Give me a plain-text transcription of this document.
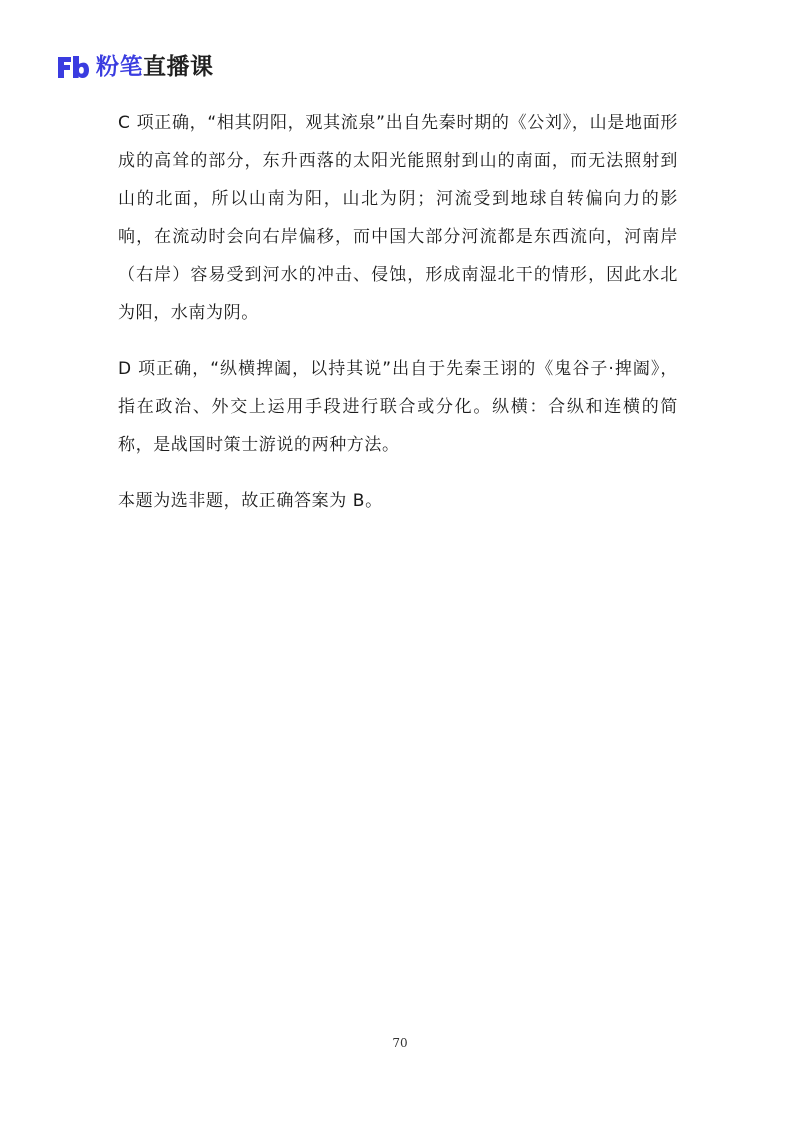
粉笔直播课

C 项正确，“相其阴阳，观其流泉”出自先秦时期的《公刘》，山是地面形成的高耸的部分，东升西落的太阳光能照射到山的南面，而无法照射到山的北面，所以山南为阳，山北为阴；河流受到地球自转偏向力的影响，在流动时会向右岸偏移，而中国大部分河流都是东西流向，河南岸（右岸）容易受到河水的冲击、侵蚀，形成南湿北干的情形，因此水北为阳，水南为阴。

D 项正确，“纵横捭阖，以持其说”出自于先秦王诩的《鬼谷子·捭阖》，指在政治、外交上运用手段进行联合或分化。纵横：合纵和连横的简称，是战国时策士游说的两种方法。

本题为选非题，故正确答案为 B。

70
